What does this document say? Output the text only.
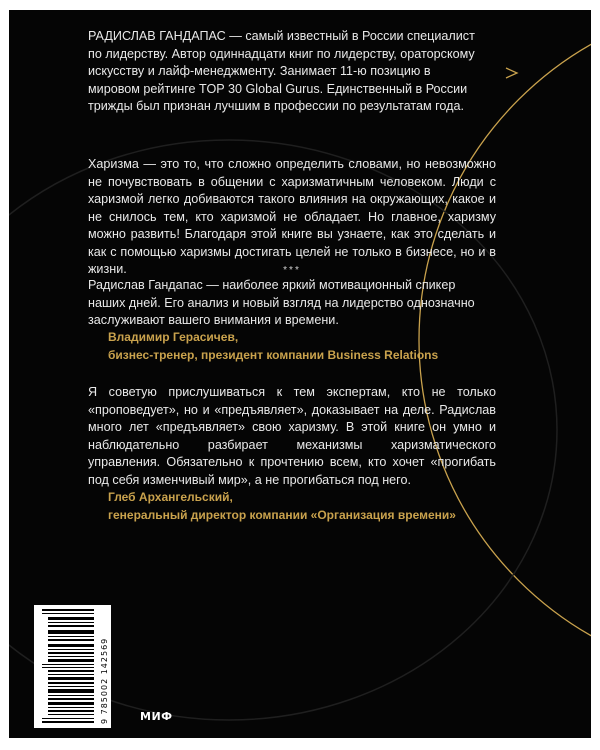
РАДИСЛАВ ГАНДАПАС — самый известный в России специалист по лидерству. Автор одиннадцати книг по лидерству, ораторскому искусству и лайф-менеджменту. Занимает 11-ю позицию в мировом рейтинге TOP 30 Global Gurus. Единственный в России трижды был признан лучшим в профессии по результатам года.
Харизма — это то, что сложно определить словами, но невозможно не почувствовать в общении с харизматичным человеком. Люди с харизмой легко добиваются такого влияния на окружающих, какое и не снилось тем, кто харизмой не обладает. Но главное, харизму можно развить! Благодаря этой книге вы узнаете, как это сделать и как с помощью харизмы достигать целей не только в бизнесе, но и в жизни.	***
Радислав Гандапас — наиболее яркий мотивационный спикер наших дней. Его анализ и новый взгляд на лидерство однозначно заслуживают вашего внимания и времени.
Владимир Герасичев,
бизнес-тренер, президент компании Business Relations
Я советую прислушиваться к тем экспертам, кто не только «проповедует», но и «предъявляет», доказывает на деле. Радислав много лет «предъявляет» свою харизму. В этой книге он умно и наблюдательно разбирает механизмы харизматического управления. Обязательно к прочтению всем, кто хочет «прогибать под себя изменчивый мир», а не прогибаться под него.
Глеб Архангельский,
генеральный директор компании «Организация времени»
9 785002 142569	МИФ
